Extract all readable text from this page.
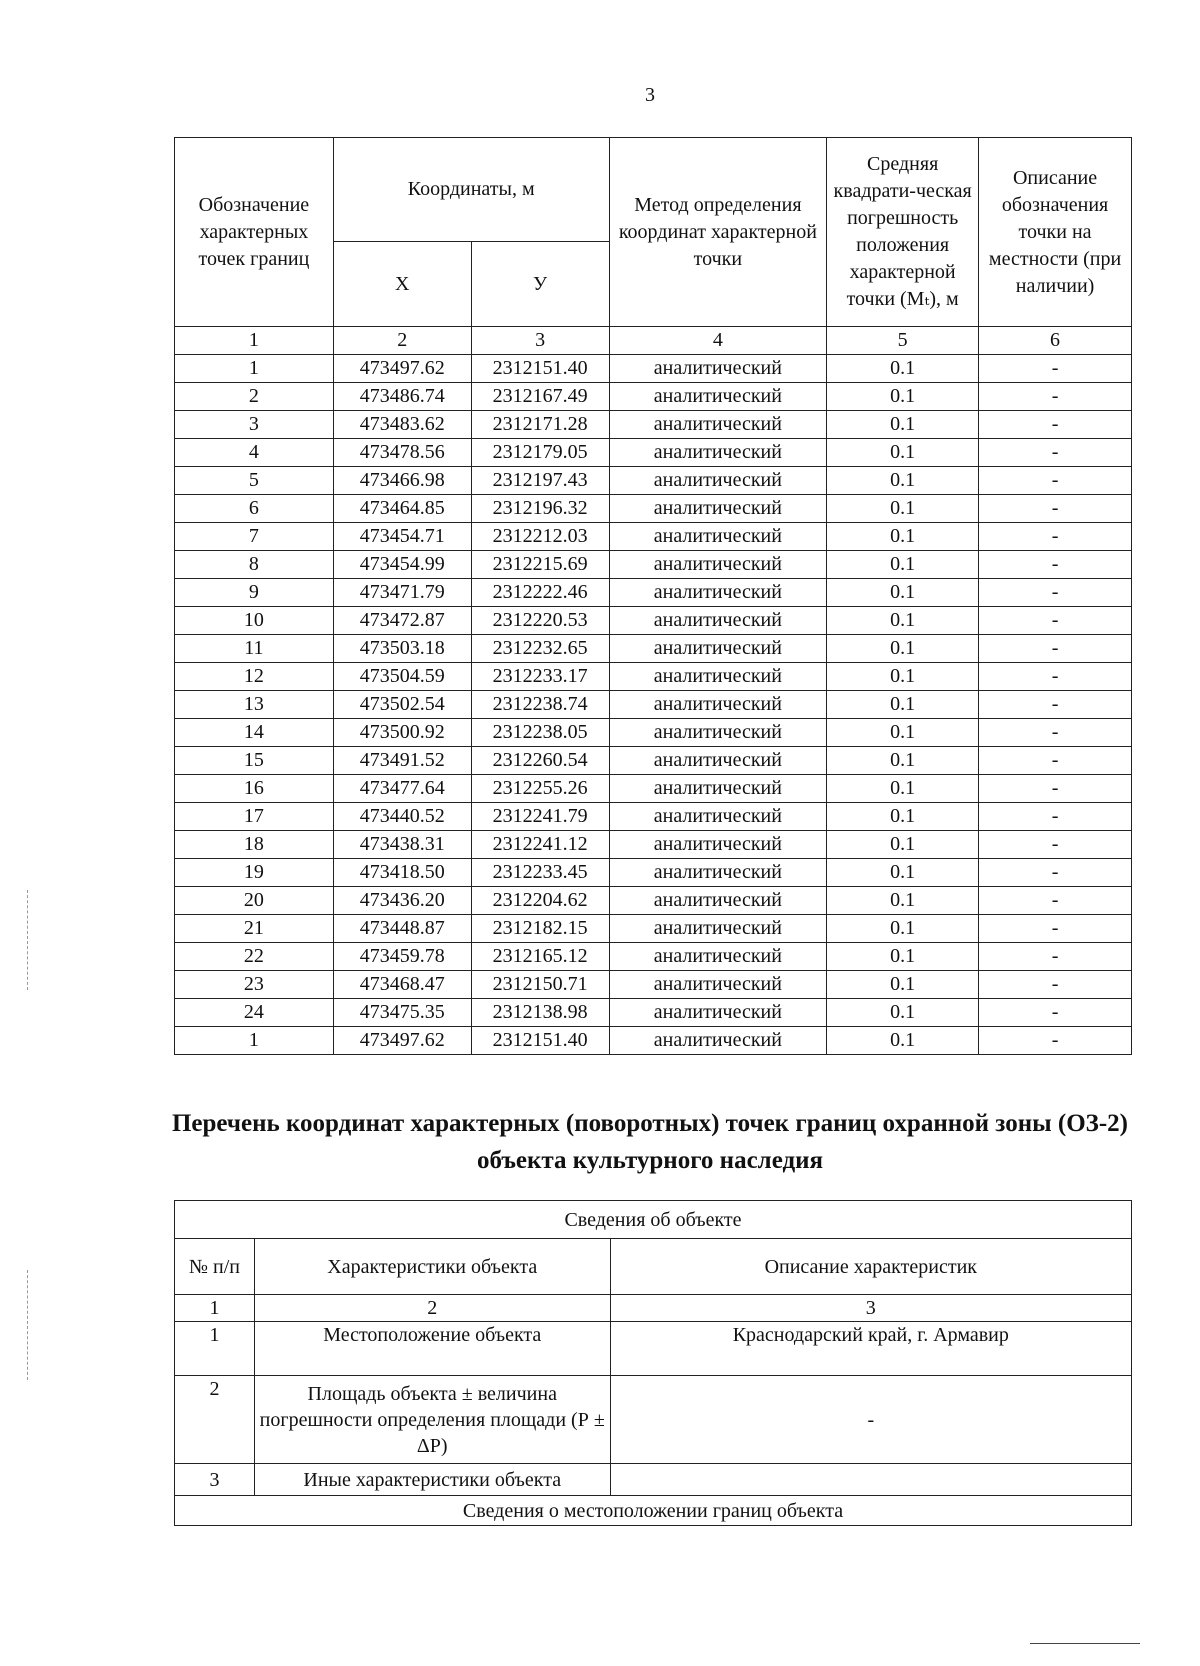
3
Обозначение характерных точек границ	Координаты, м		Метод определения координат характерной точки	Средняя квадрати-ческая погрешность положения характерной точки (Мₜ), м	Описание обозначения точки на местности (при наличии)
	X	У			
1	2	3	4	5	6
1	473497.62	2312151.40	аналитический	0.1	-
2	473486.74	2312167.49	аналитический	0.1	-
3	473483.62	2312171.28	аналитический	0.1	-
4	473478.56	2312179.05	аналитический	0.1	-
5	473466.98	2312197.43	аналитический	0.1	-
6	473464.85	2312196.32	аналитический	0.1	-
7	473454.71	2312212.03	аналитический	0.1	-
8	473454.99	2312215.69	аналитический	0.1	-
9	473471.79	2312222.46	аналитический	0.1	-
10	473472.87	2312220.53	аналитический	0.1	-
11	473503.18	2312232.65	аналитический	0.1	-
12	473504.59	2312233.17	аналитический	0.1	-
13	473502.54	2312238.74	аналитический	0.1	-
14	473500.92	2312238.05	аналитический	0.1	-
15	473491.52	2312260.54	аналитический	0.1	-
16	473477.64	2312255.26	аналитический	0.1	-
17	473440.52	2312241.79	аналитический	0.1	-
18	473438.31	2312241.12	аналитический	0.1	-
19	473418.50	2312233.45	аналитический	0.1	-
20	473436.20	2312204.62	аналитический	0.1	-
21	473448.87	2312182.15	аналитический	0.1	-
22	473459.78	2312165.12	аналитический	0.1	-
23	473468.47	2312150.71	аналитический	0.1	-
24	473475.35	2312138.98	аналитический	0.1	-
1	473497.62	2312151.40	аналитический	0.1	-
Перечень координат характерных (поворотных) точек границ охранной зоны (ОЗ-2) объекта культурного наследия
Сведения об объекте		
№ п/п	Характеристики объекта	Описание характеристик
1	2	3
1	Местоположение объекта	Краснодарский край, г. Армавир
2	Площадь объекта ± величина погрешности определения площади (Р ± ΔР)	-
3	Иные характеристики объекта	
Сведения о местоположении границ объекта		
